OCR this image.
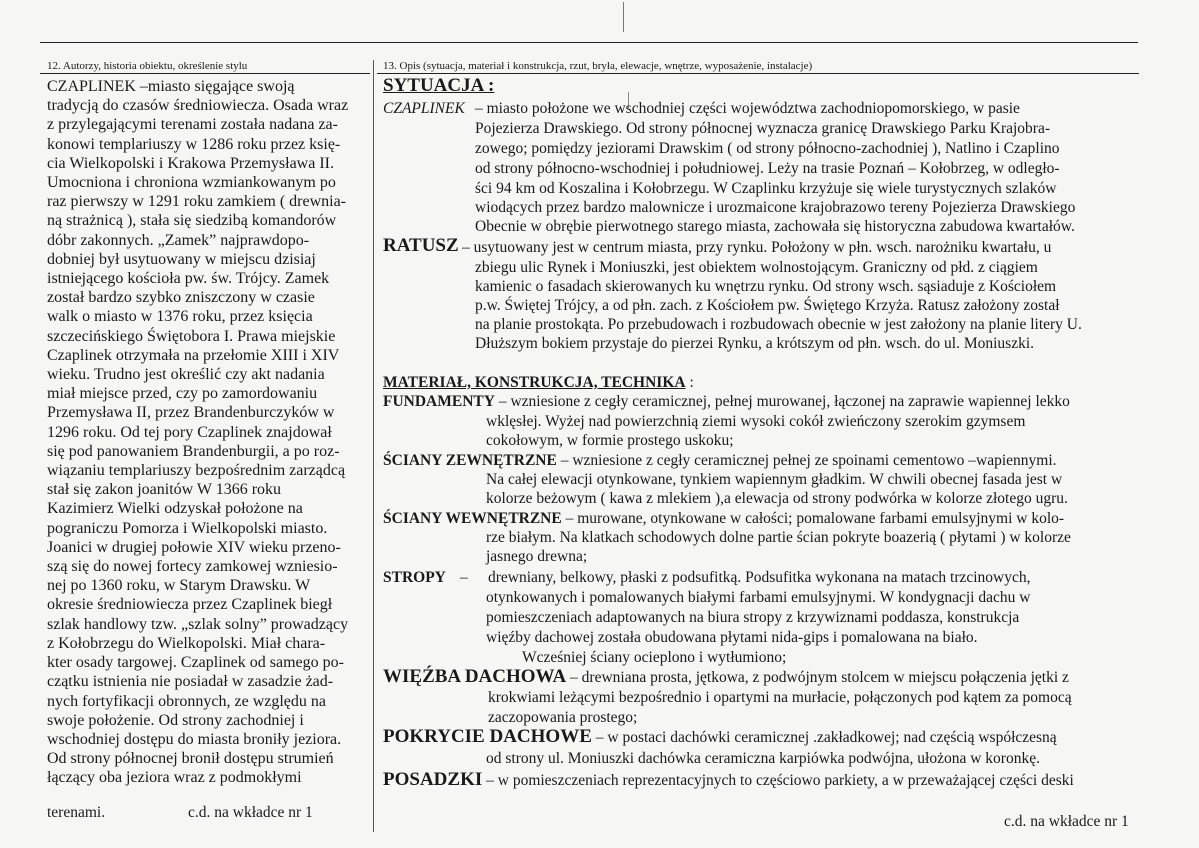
12. Autorzy, historia obiektu, określenie stylu	13. Opis (sytuacja, materiał i konstrukcja, rzut, bryła, elewacje, wnętrze, wyposażenie, instalacje)
CZAPLINEK –miasto sięgające swoją
tradycją do czasów średniowiecza. Osada wraz
z przylegającymi terenami została nadana za-
konowi templariuszy w 1286 roku przez księ-
cia Wielkopolski i Krakowa Przemysława II.
Umocniona i chroniona wzmiankowanym po
raz pierwszy w 1291 roku zamkiem ( drewnia-
ną strażnicą ), stała się siedzibą komandorów
dóbr zakonnych. „Zamek” najprawdopo-
dobniej był usytuowany w miejscu dzisiaj
istniejącego kościoła pw. św. Trójcy. Zamek
został bardzo szybko zniszczony w czasie
walk o miasto w 1376 roku, przez księcia
szczecińskiego Świętobora I. Prawa miejskie
Czaplinek otrzymała na przełomie XIII i XIV
wieku. Trudno jest określić czy akt nadania
miał miejsce przed, czy po zamordowaniu
Przemysława II, przez Brandenburczyków w
1296 roku. Od tej pory Czaplinek znajdował
się pod panowaniem Brandenburgii, a po roz-
wiązaniu templariuszy bezpośrednim zarządcą
stał się zakon joanitów W 1366 roku
Kazimierz Wielki odzyskał położone na
pograniczu Pomorza i Wielkopolski miasto.
Joanici w drugiej połowie XIV wieku przeno-
szą się do nowej fortecy zamkowej wzniesio-
nej po 1360 roku, w Starym Drawsku. W
okresie średniowiecza przez Czaplinek biegł
szlak handlowy tzw. „szlak solny” prowadzący
z Kołobrzegu do Wielkopolski. Miał chara-
kter osady targowej. Czaplinek od samego po-
czątku istnienia nie posiadał w zasadzie żad-
nych fortyfikacji obronnych, ze względu na
swoje położenie. Od strony zachodniej i
wschodniej dostępu do miasta broniły jeziora.
Od strony północnej bronił dostępu strumień
łączący oba jeziora wraz z podmokłymi
terenami.	c.d. na wkładce nr 1
SYTUACJA :
CZAPLINEK – miasto położone we wschodniej części województwa zachodniopomorskiego, w pasie
Pojezierza Drawskiego. Od strony północnej wyznacza granicę Drawskiego Parku Krajobra-
zowego; pomiędzy jeziorami Drawskim ( od strony północno-zachodniej ), Natlino i Czaplino
od strony północno-wschodniej i południowej. Leży na trasie Poznań – Kołobrzeg, w odległo-
ści 94 km od Koszalina i Kołobrzegu. W Czaplinku krzyżuje się wiele turystycznych szlaków
wiodących przez bardzo malownicze i urozmaicone krajobrazowo tereny Pojezierza Drawskiego
Obecnie w obrębie pierwotnego starego miasta, zachowała się historyczna zabudowa kwartałów.
RATUSZ – usytuowany jest w centrum miasta, przy rynku. Położony w płn. wsch. narożniku kwartału, u
zbiegu ulic Rynek i Moniuszki, jest obiektem wolnostojącym. Graniczny od płd. z ciągiem
kamienic o fasadach skierowanych ku wnętrzu rynku. Od strony wsch. sąsiaduje z Kościołem
p.w. Świętej Trójcy, a od płn. zach. z Kościołem pw. Świętego Krzyża. Ratusz założony został
na planie prostokąta. Po przebudowach i rozbudowach obecnie w jest założony na planie litery U.
Dłuższym bokiem przystaje do pierzei Rynku, a krótszym od płn. wsch. do ul. Moniuszki.
MATERIAŁ, KONSTRUKCJA, TECHNIKA :
FUNDAMENTY – wzniesione z cegły ceramicznej, pełnej murowanej, łączonej na zaprawie wapiennej lekko
wklęsłej. Wyżej nad powierzchnią ziemi wysoki cokół zwieńczony szerokim gzymsem
cokołowym, w formie prostego uskoku;
ŚCIANY ZEWNĘTRZNE – wzniesione z cegły ceramicznej pełnej ze spoinami cementowo –wapiennymi.
Na całej elewacji otynkowane, tynkiem wapiennym gładkim. W chwili obecnej fasada jest w
kolorze beżowym ( kawa z mlekiem ),a elewacja od strony podwórka w kolorze złotego ugru.
ŚCIANY WEWNĘTRZNE – murowane, otynkowane w całości; pomalowane farbami emulsyjnymi w kolo-
rze białym. Na klatkach schodowych dolne partie ścian pokryte boazerią ( płytami ) w kolorze
jasnego drewna;
STROPY – drewniany, belkowy, płaski z podsufitką. Podsufitka wykonana na matach trzcinowych,
otynkowanych i pomalowanych białymi farbami emulsyjnymi. W kondygnacji dachu w
pomieszczeniach adaptowanych na biura stropy z krzywiznami poddasza, konstrukcja
więźby dachowej została obudowana płytami nida-gips i pomalowana na biało.
Wcześniej ściany ocieplono i wytłumiono;
WIĘŹBA DACHOWA – drewniana prosta, jętkowa, z podwójnym stolcem w miejscu połączenia jętki z
krokwiami leżącymi bezpośrednio i opartymi na murłacie, połączonych pod kątem za pomocą
zaczopowania prostego;
POKRYCIE DACHOWE – w postaci dachówki ceramicznej .zakładkowej; nad częścią współczesną
od strony ul. Moniuszki dachówka ceramiczna karpiówka podwójna, ułożona w koronkę.
POSADZKI – w pomieszczeniach reprezentacyjnych to częściowo parkiety, a w przeważającej części deski
c.d. na wkładce nr 1
